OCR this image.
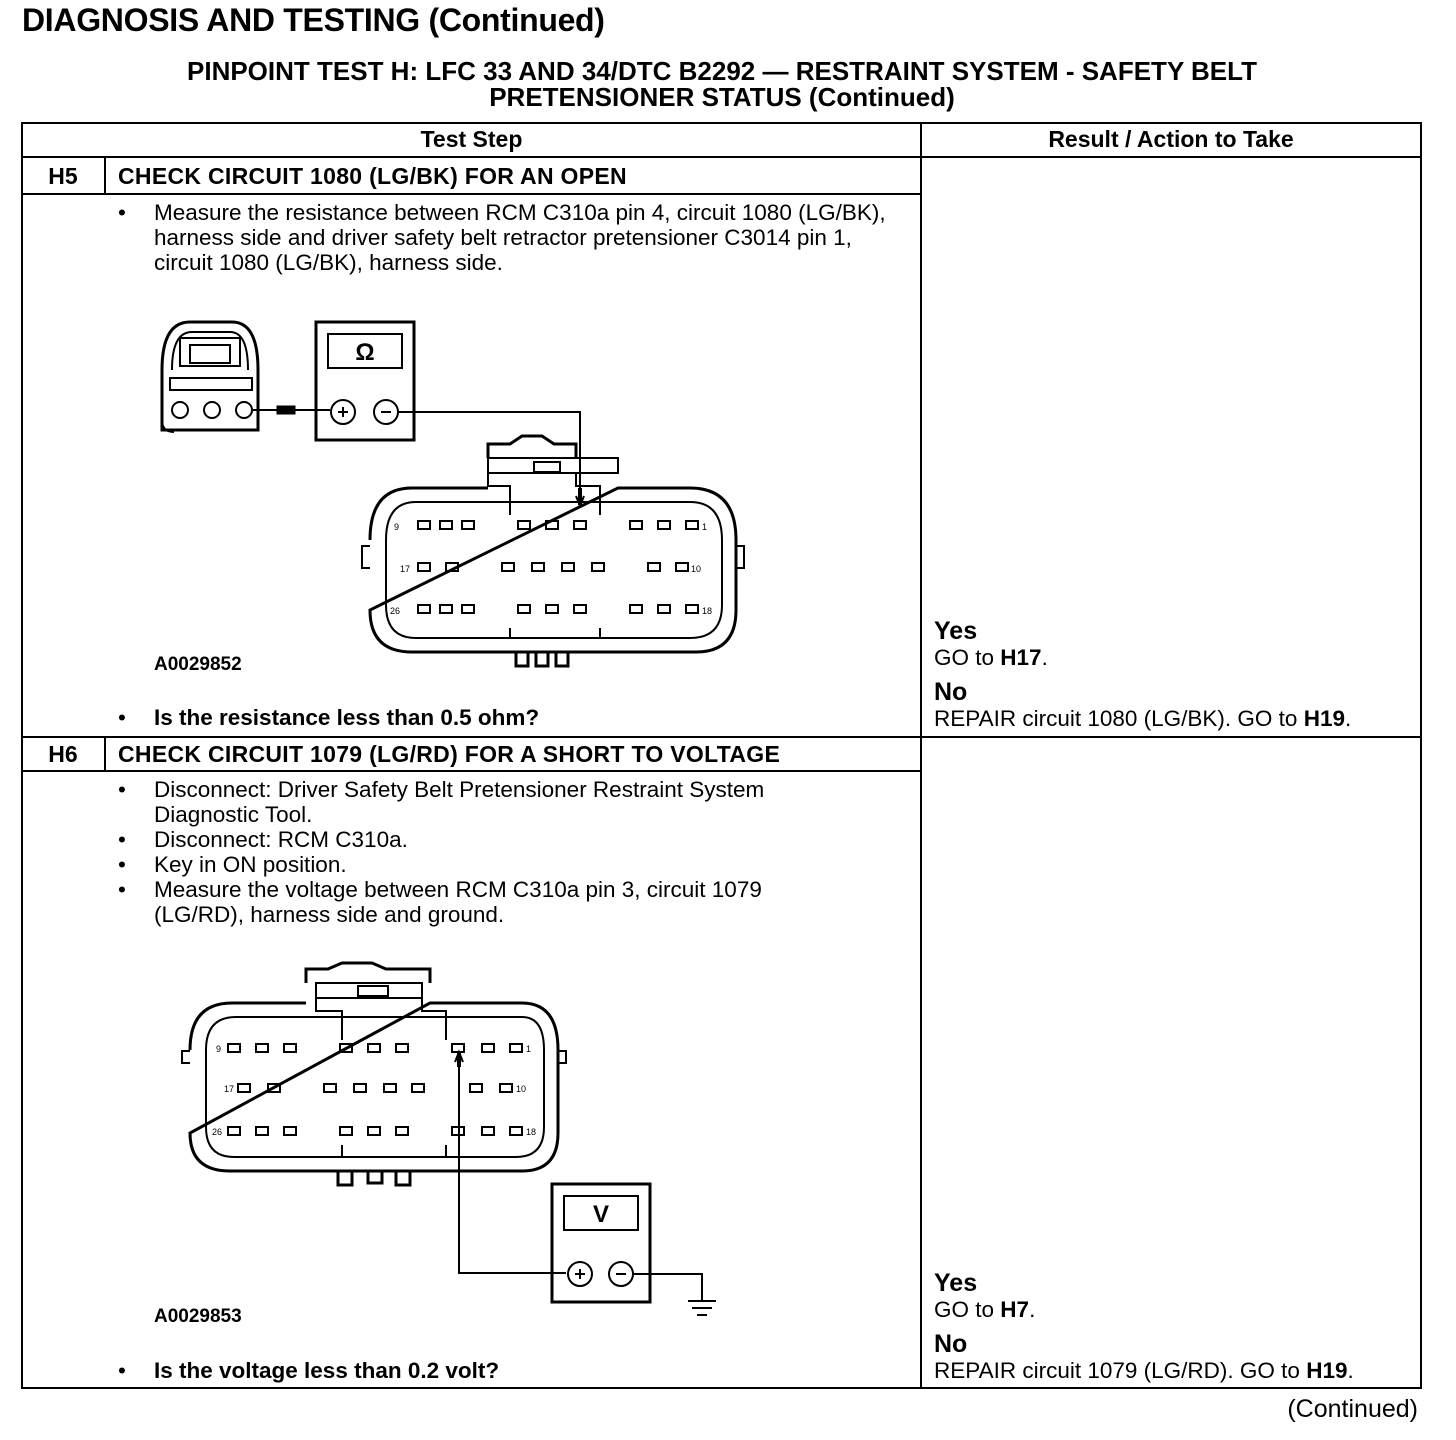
DIAGNOSIS AND TESTING (Continued)
PINPOINT TEST H: LFC 33 AND 34/DTC B2292 — RESTRAINT SYSTEM - SAFETY BELT
PRETENSIONER STATUS (Continued)
Test Step	Result / Action to Take
H5	CHECK CIRCUIT 1080 (LG/BK) FOR AN OPEN
• Measure the resistance between RCM C310a pin 4, circuit 1080 (LG/BK), harness side and driver safety belt retractor pretensioner C3014 pin 1, circuit 1080 (LG/BK), harness side.
Ω
9	1
17	10
26	18
A0029852
• Is the resistance less than 0.5 ohm?
Yes
GO to H17.
No
REPAIR circuit 1080 (LG/BK). GO to H19.
H6	CHECK CIRCUIT 1079 (LG/RD) FOR A SHORT TO VOLTAGE
• Disconnect: Driver Safety Belt Pretensioner Restraint System Diagnostic Tool.
• Disconnect: RCM C310a.
• Key in ON position.
• Measure the voltage between RCM C310a pin 3, circuit 1079 (LG/RD), harness side and ground.
9	1
17	10
26	18
V
A0029853
• Is the voltage less than 0.2 volt?
Yes
GO to H7.
No
REPAIR circuit 1079 (LG/RD). GO to H19.
(Continued)
